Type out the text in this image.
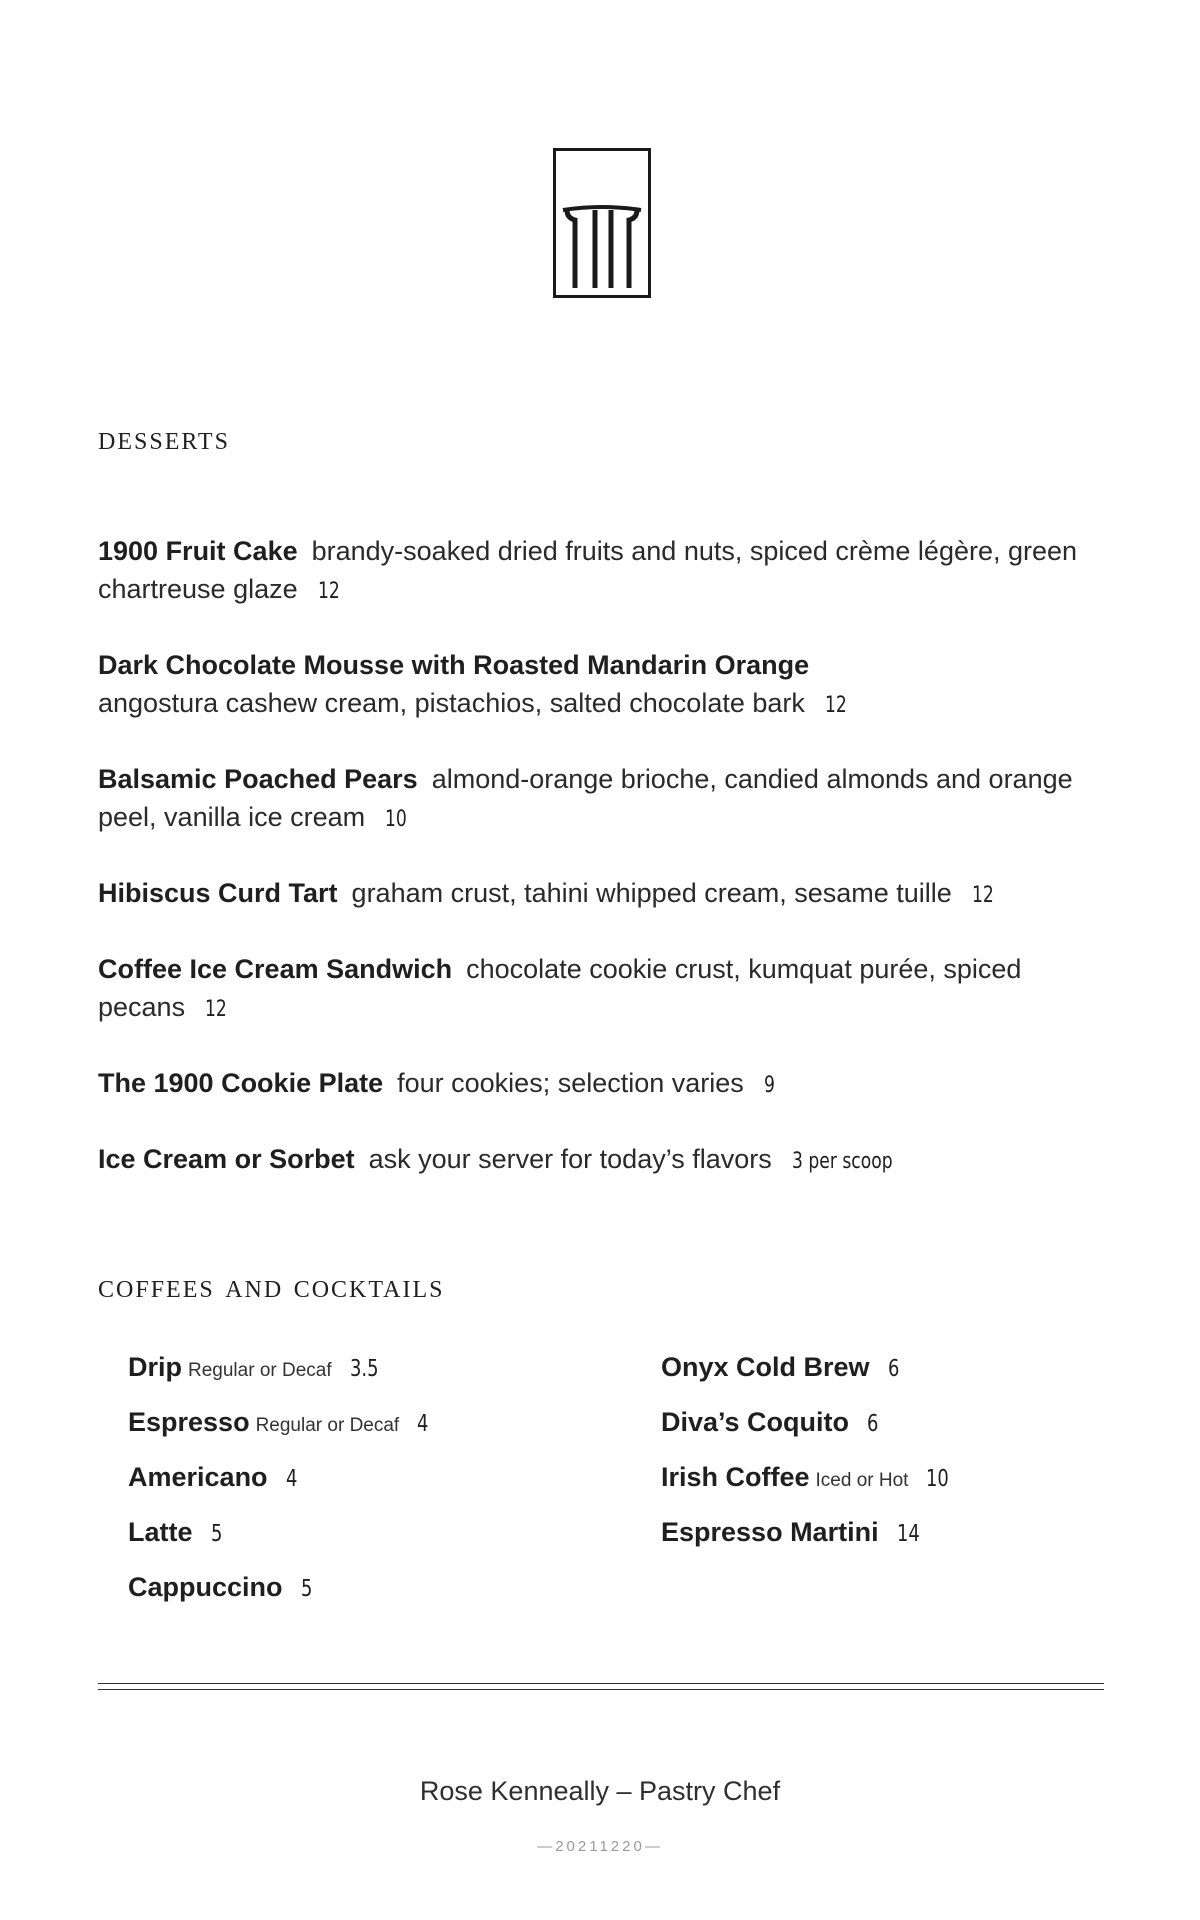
desserts

1900 Fruit Cake brandy-soaked dried fruits and nuts, spiced crème légère, green chartreuse glaze 12

Dark Chocolate Mousse with Roasted Mandarin Orange
angostura cashew cream, pistachios, salted chocolate bark 12

Balsamic Poached Pears almond-orange brioche, candied almonds and orange peel, vanilla ice cream 10

Hibiscus Curd Tart graham crust, tahini whipped cream, sesame tuille 12

Coffee Ice Cream Sandwich chocolate cookie crust, kumquat purée, spiced pecans 12

The 1900 Cookie Plate four cookies; selection varies 9

Ice Cream or Sorbet ask your server for today’s flavors 3 per scoop

coffees and cocktails
Drip Regular or Decaf 3.5
Espresso Regular or Decaf 4
Americano 4
Latte 5
Cappuccino 5
Onyx Cold Brew 6
Diva’s Coquito 6
Irish Coffee Iced or Hot 10
Espresso Martini 14
Rose Kenneally – Pastry Chef
—20211220—
